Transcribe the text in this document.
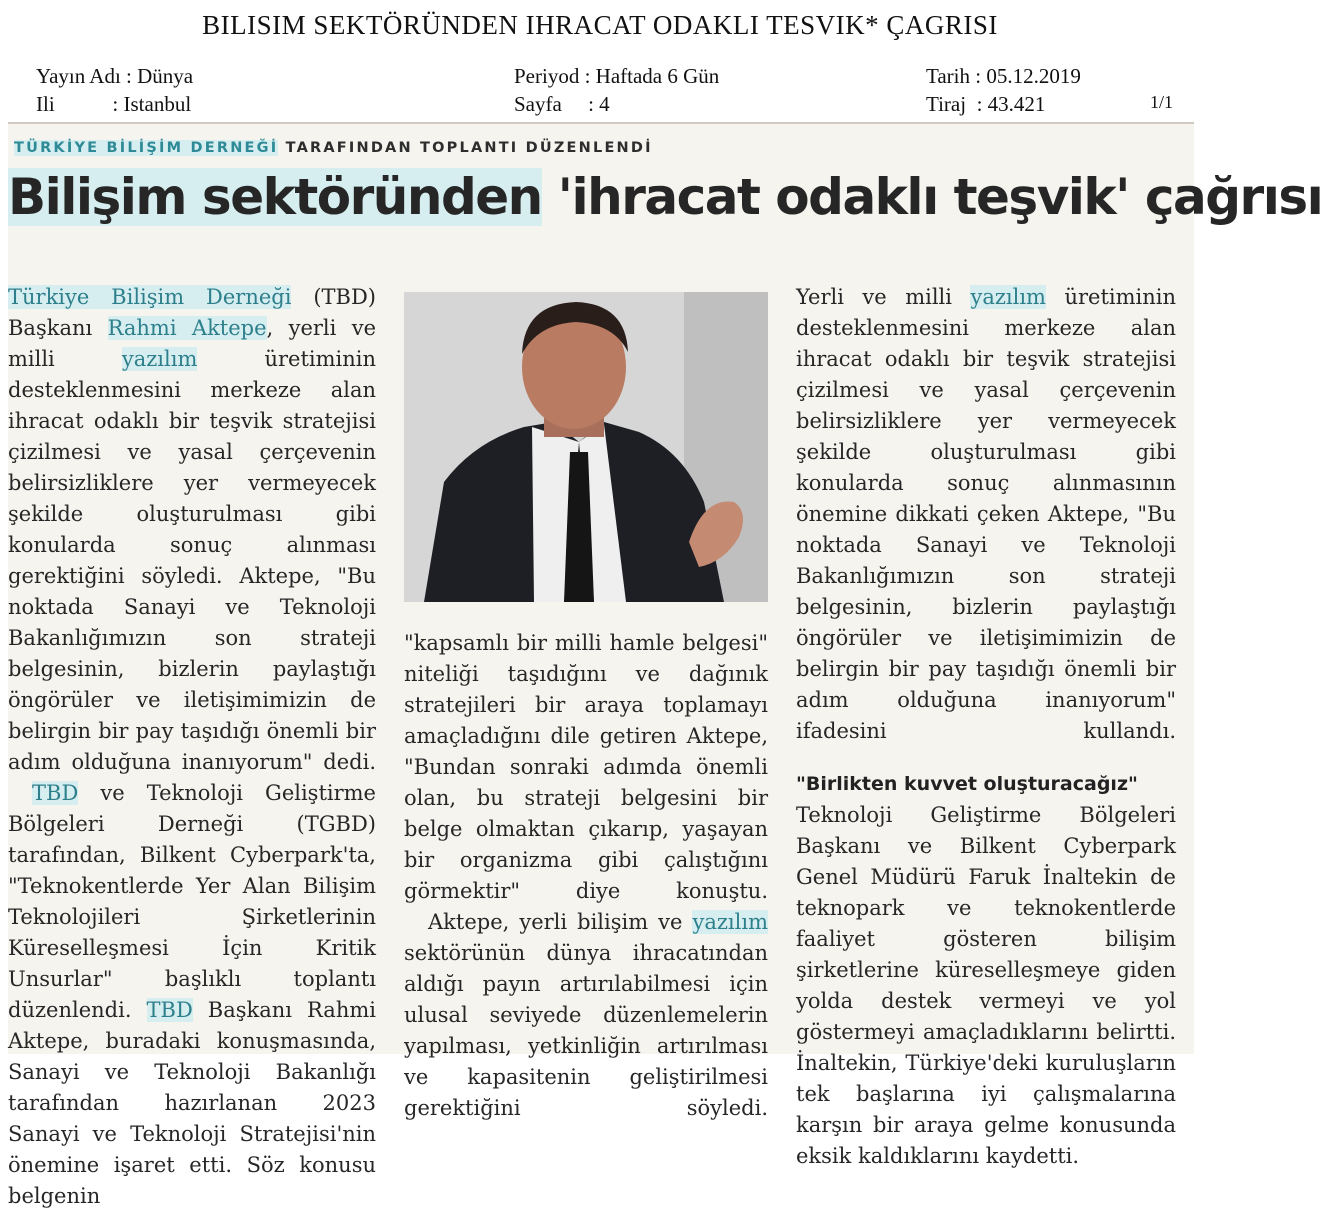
BILISIM SEKTÖRÜNDEN IHRACAT ODAKLI TESVIK* ÇAGRISI
Yayın Adı : Dünya
Ili           : Istanbul
Periyod : Haftada 6 Gün
Sayfa     : 4
Tarih : 05.12.2019
Tiraj  : 43.421	1/1
TÜRKİYE BİLİŞİM DERNEĞİ TARAFINDAN TOPLANTI DÜZENLENDİ
Bilişim sektöründen 'ihracat odaklı teşvik' çağrısı

Türkiye Bilişim Derneği (TBD) Başkanı Rahmi Aktepe, yerli ve milli yazılım üretiminin desteklenmesini merkeze alan ihracat odaklı bir teşvik stratejisi çizilmesi ve yasal çerçevenin belirsizliklere yer vermeyecek şekilde oluşturulması gibi konularda sonuç alınması gerektiğini söyledi. Aktepe, "Bu noktada Sanayi ve Teknoloji Bakanlığımızın son strateji belgesinin, bizlerin paylaştığı öngörüler ve iletişimimizin de belirgin bir pay taşıdığı önemli bir adım olduğuna inanıyorum" dedi.

TBD ve Teknoloji Geliştirme Bölgeleri Derneği (TGBD) tarafından, Bilkent Cyberpark'ta, "Teknokentlerde Yer Alan Bilişim Teknolojileri Şirketlerinin Küreselleşmesi İçin Kritik Unsurlar" başlıklı toplantı düzenlendi. TBD Başkanı Rahmi Aktepe, buradaki konuşmasında, Sanayi ve Teknoloji Bakanlığı tarafından hazırlanan 2023 Sanayi ve Teknoloji Stratejisi'nin önemine işaret etti. Söz konusu belgenin

"kapsamlı bir milli hamle belgesi" niteliği taşıdığını ve dağınık stratejileri bir araya toplamayı amaçladığını dile getiren Aktepe, "Bundan sonraki adımda önemli olan, bu strateji belgesini bir belge olmaktan çıkarıp, yaşayan bir organizma gibi çalıştığını görmektir" diye konuştu.

Aktepe, yerli bilişim ve yazılım sektörünün dünya ihracatından aldığı payın artırılabilmesi için ulusal seviyede düzenlemelerin yapılması, yetkinliğin artırılması ve kapasitenin geliştirilmesi gerektiğini söyledi.

Yerli ve milli yazılım üretiminin desteklenmesini merkeze alan ihracat odaklı bir teşvik stratejisi çizilmesi ve yasal çerçevenin belirsizliklere yer vermeyecek şekilde oluşturulması gibi konularda sonuç alınmasının önemine dikkati çeken Aktepe, "Bu noktada Sanayi ve Teknoloji Bakanlığımızın son strateji belgesinin, bizlerin paylaştığı öngörüler ve iletişimimizin de belirgin bir pay taşıdığı önemli bir adım olduğuna inanıyorum" ifadesini kullandı.

"Birlikten kuvvet oluşturacağız"

Teknoloji Geliştirme Bölgeleri Başkanı ve Bilkent Cyberpark Genel Müdürü Faruk İnaltekin de teknopark ve teknokentlerde faaliyet gösteren bilişim şirketlerine küreselleşmeye giden yolda destek vermeyi ve yol göstermeyi amaçladıklarını belirtti. İnaltekin, Türkiye'deki kuruluşların tek başlarına iyi çalışmalarına karşın bir araya gelme konusunda eksik kaldıklarını kaydetti.
